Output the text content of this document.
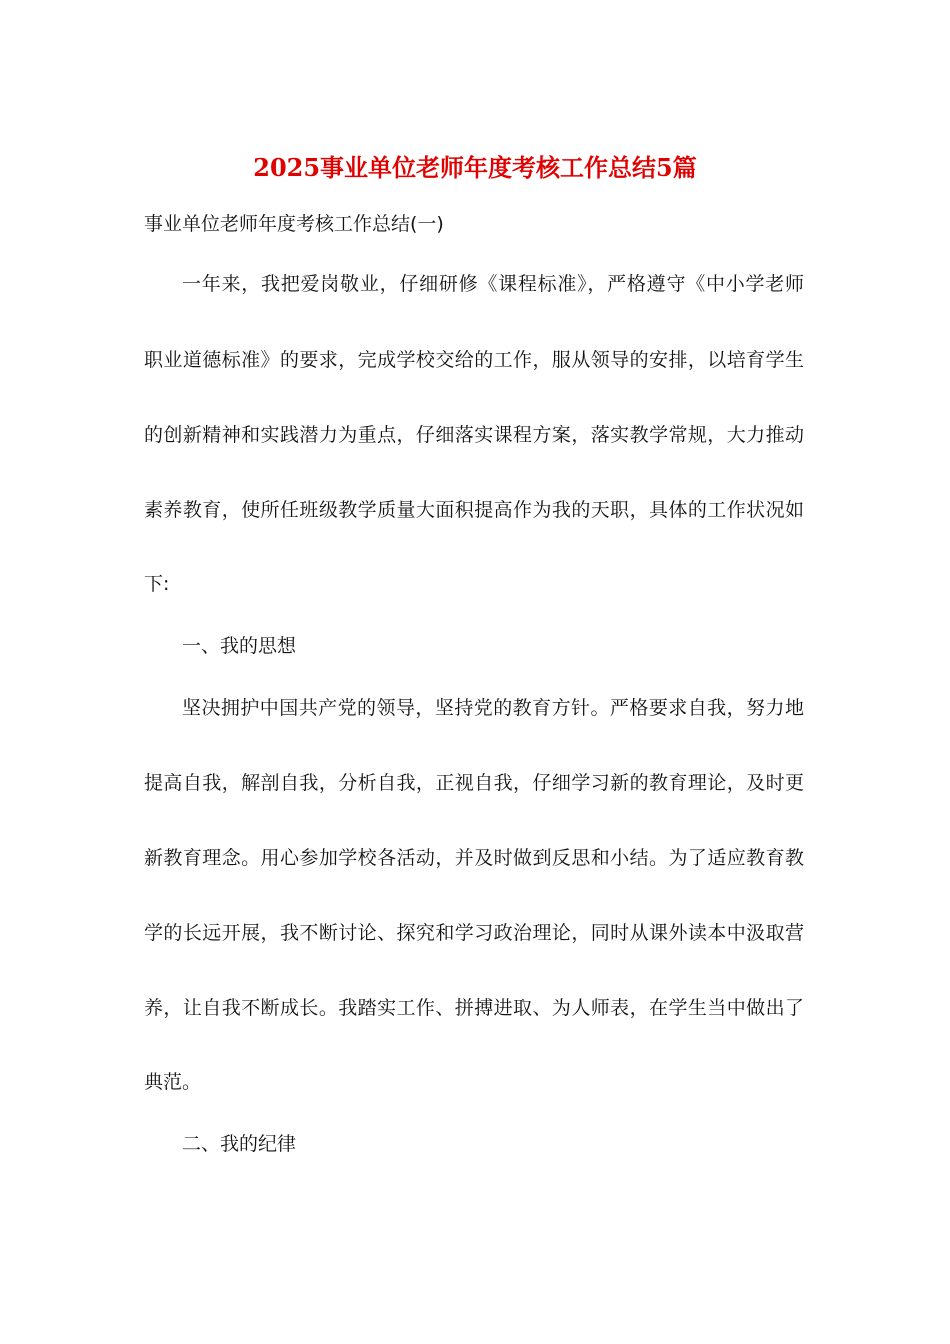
2025事业单位老师年度考核工作总结5篇
事业单位老师年度考核工作总结(一)
一年来，我把爱岗敬业，仔细研修《课程标准》，严格遵守《中小学老师
职业道德标准》的要求，完成学校交给的工作，服从领导的安排，以培育学生
的创新精神和实践潜力为重点，仔细落实课程方案，落实教学常规，大力推动
素养教育，使所任班级教学质量大面积提高作为我的天职，具体的工作状况如
下:
一、我的思想
坚决拥护中国共产党的领导，坚持党的教育方针。严格要求自我，努力地
提高自我，解剖自我，分析自我，正视自我，仔细学习新的教育理论，及时更
新教育理念。用心参加学校各活动，并及时做到反思和小结。为了适应教育教
学的长远开展，我不断讨论、探究和学习政治理论，同时从课外读本中汲取营
养，让自我不断成长。我踏实工作、拼搏进取、为人师表，在学生当中做出了
典范。
二、我的纪律
